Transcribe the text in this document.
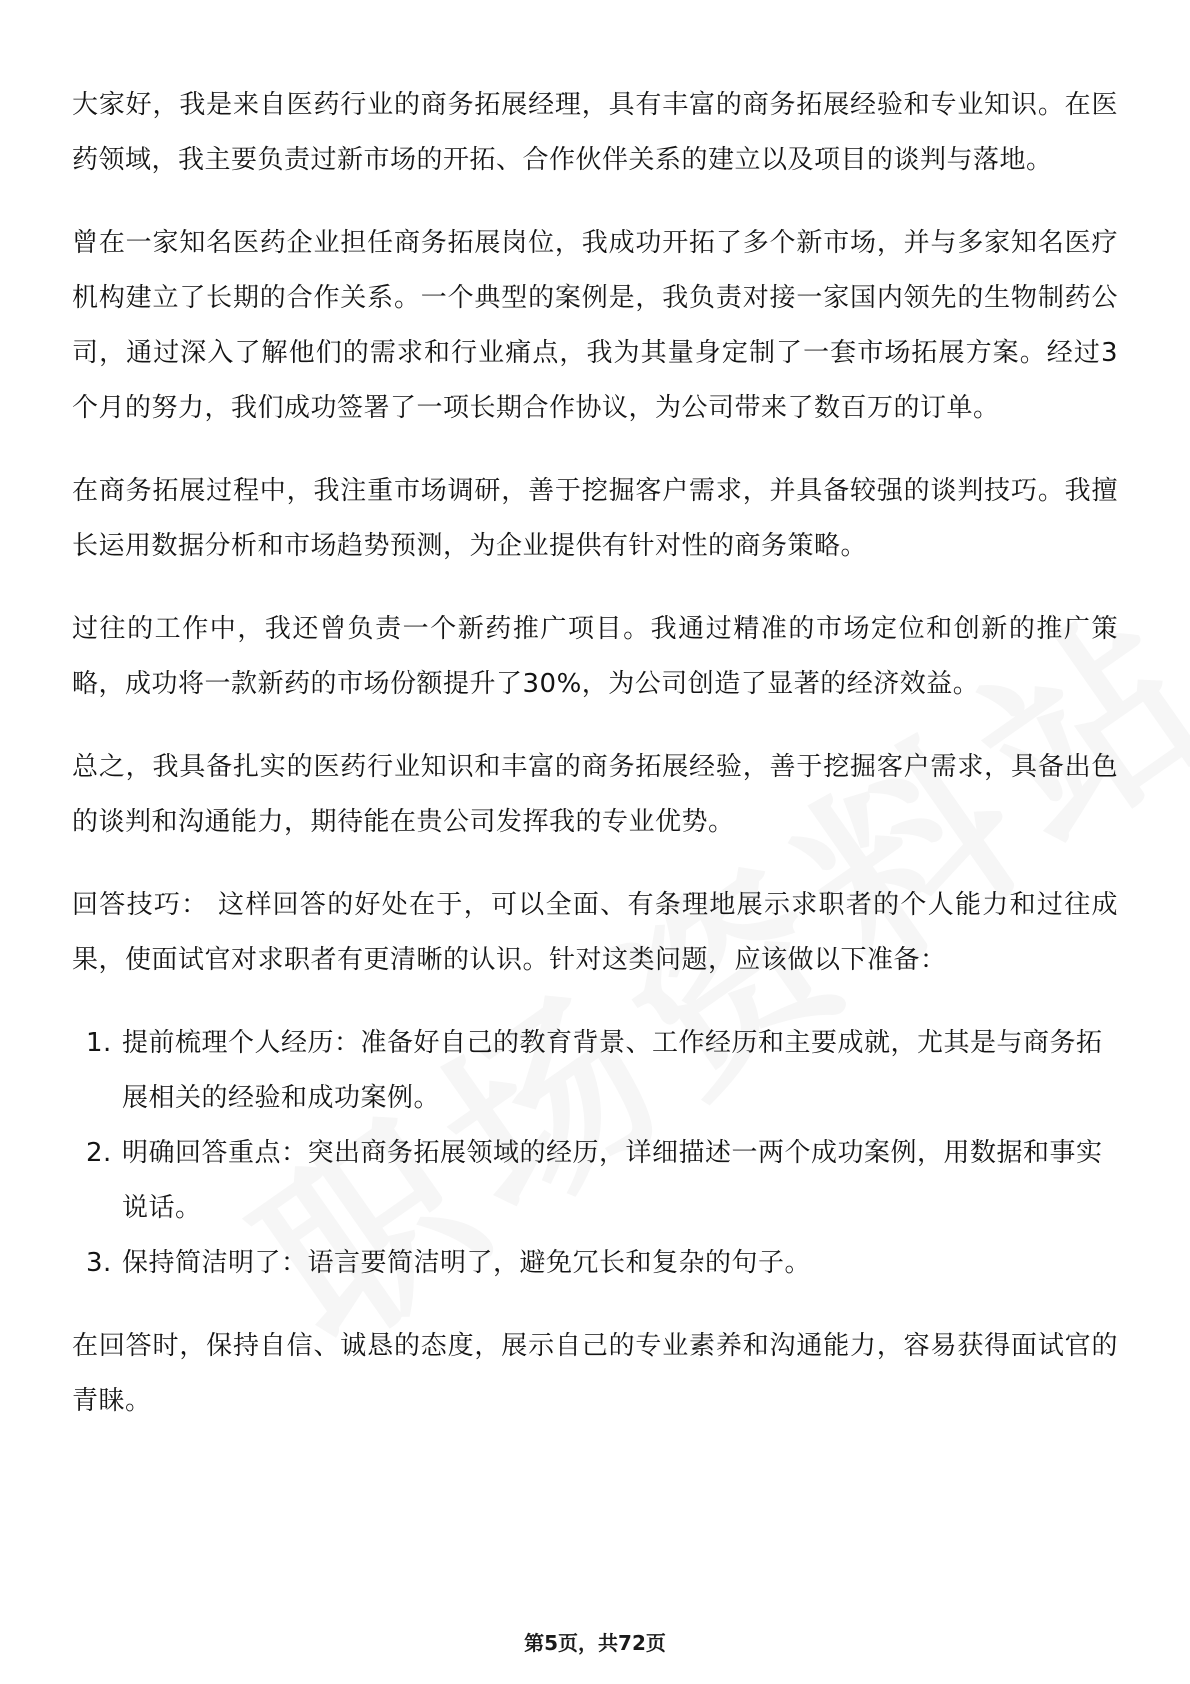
大家好，我是来自医药行业的商务拓展经理，具有丰富的商务拓展经验和专业知识。在医药领域，我主要负责过新市场的开拓、合作伙伴关系的建立以及项目的谈判与落地。

曾在一家知名医药企业担任商务拓展岗位，我成功开拓了多个新市场，并与多家知名医疗机构建立了长期的合作关系。一个典型的案例是，我负责对接一家国内领先的生物制药公司，通过深入了解他们的需求和行业痛点，我为其量身定制了一套市场拓展方案。经过3个月的努力，我们成功签署了一项长期合作协议，为公司带来了数百万的订单。

在商务拓展过程中，我注重市场调研，善于挖掘客户需求，并具备较强的谈判技巧。我擅长运用数据分析和市场趋势预测，为企业提供有针对性的商务策略。

过往的工作中，我还曾负责一个新药推广项目。我通过精准的市场定位和创新的推广策略，成功将一款新药的市场份额提升了30%，为公司创造了显著的经济效益。

总之，我具备扎实的医药行业知识和丰富的商务拓展经验，善于挖掘客户需求，具备出色的谈判和沟通能力，期待能在贵公司发挥我的专业优势。

回答技巧： 这样回答的好处在于，可以全面、有条理地展示求职者的个人能力和过往成果，使面试官对求职者有更清晰的认识。针对这类问题，应该做以下准备：

1. 提前梳理个人经历：准备好自己的教育背景、工作经历和主要成就，尤其是与商务拓展相关的经验和成功案例。
2. 明确回答重点：突出商务拓展领域的经历，详细描述一两个成功案例，用数据和事实说话。
3. 保持简洁明了：语言要简洁明了，避免冗长和复杂的句子。

在回答时，保持自信、诚恳的态度，展示自己的专业素养和沟通能力，容易获得面试官的青睐。

第5页，共72页
